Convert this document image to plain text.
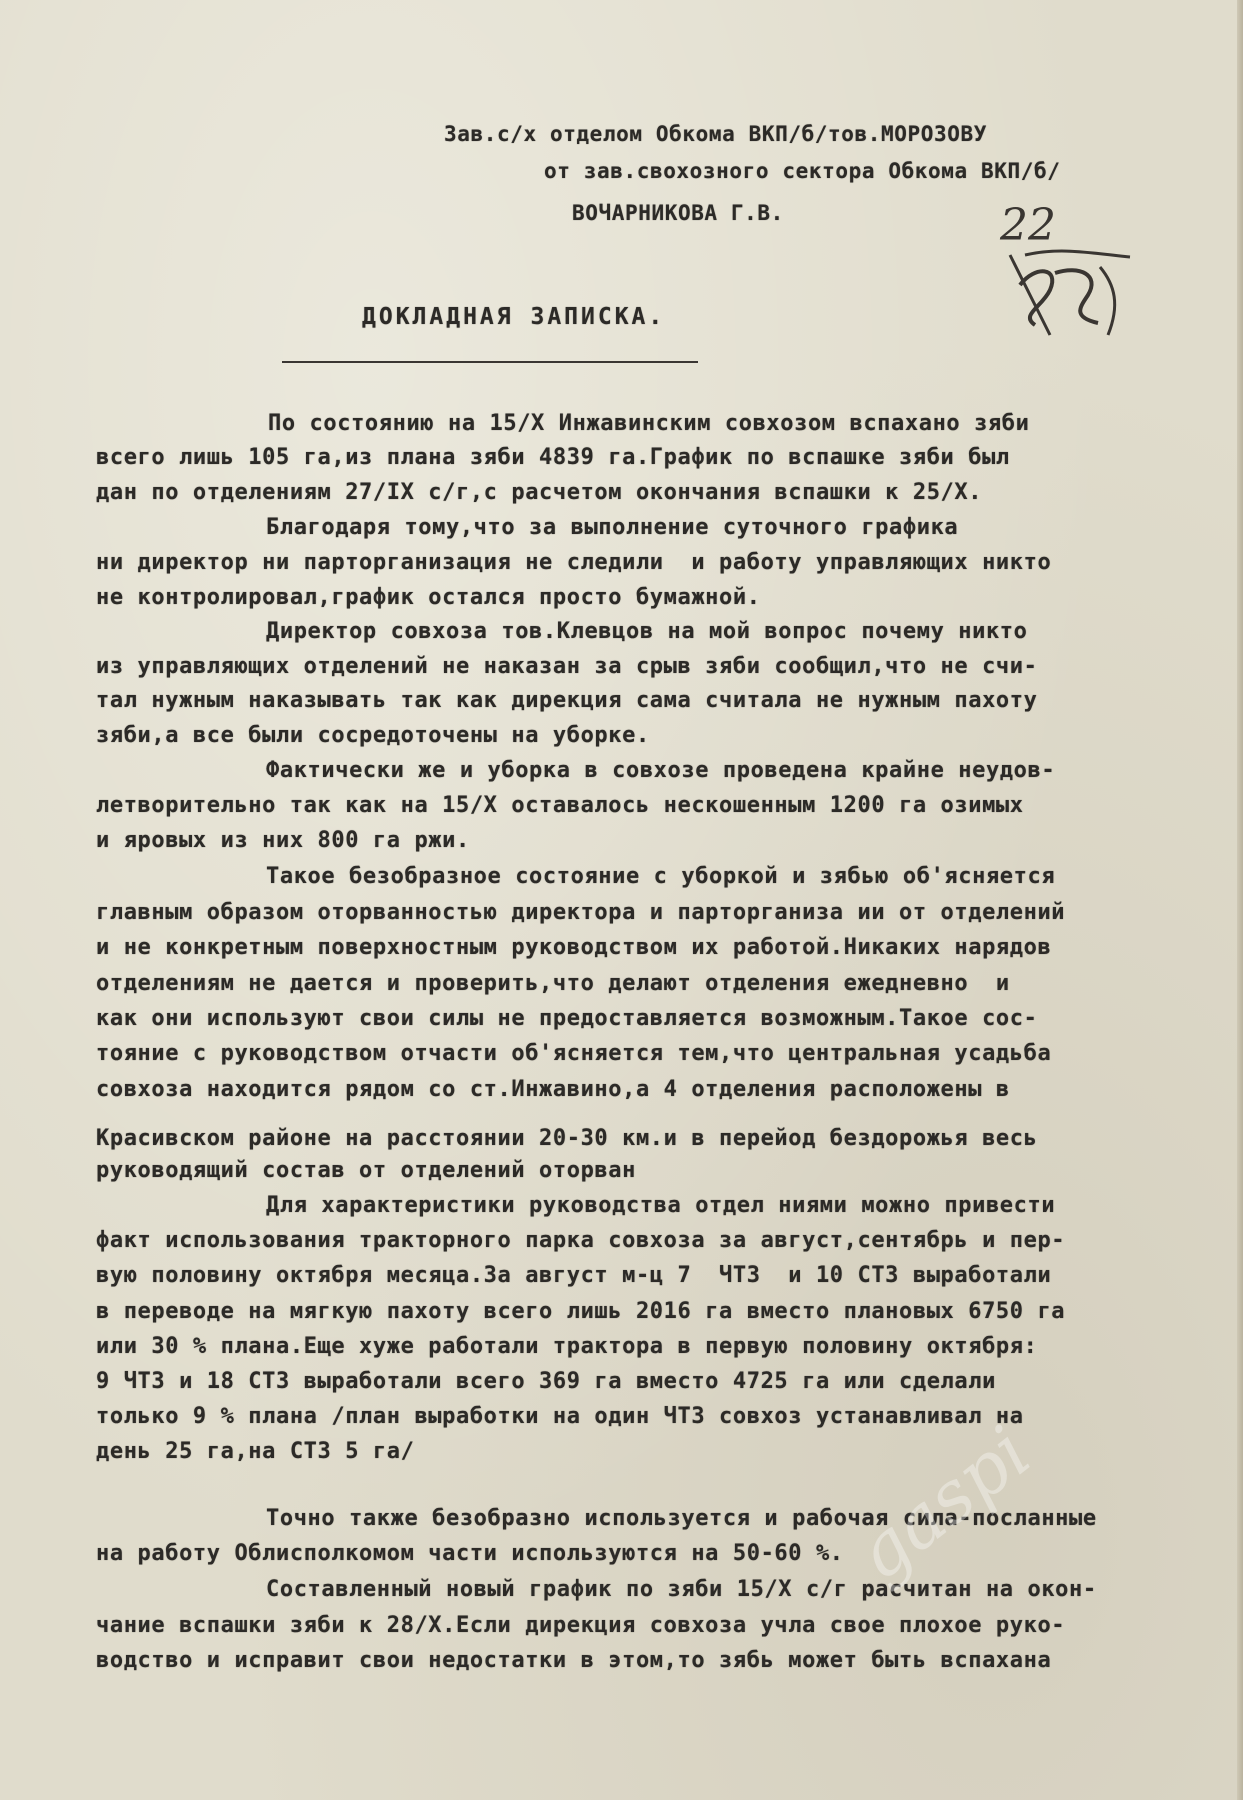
Зав.с/х отделом Обкома ВКП/б/тов.МОРОЗОВУ
от зав.свохозного сектора Обкома ВКП/б/
ВОЧАРНИКОВА Г.В.	22
ДОКЛАДНАЯ ЗАПИСКА.
По состоянию на 15/Х Инжавинским совхозом вспахано зяби
всего лишь 105 га,из плана зяби 4839 га.График по вспашке зяби был
дан по отделениям 27/IХ с/г,с расчетом окончания вспашки к 25/Х.
Благодаря тому,что за выполнение суточного графика
ни директор ни парторганизация не следили  и работу управляющих никто
не контролировал,график остался просто бумажной.
Директор совхоза тов.Клевцов на мой вопрос почему никто
из управляющих отделений не наказан за срыв зяби сообщил,что не счи-
тал нужным наказывать так как дирекция сама считала не нужным пахоту
зяби,а все были сосредоточены на уборке.
Фактически же и уборка в совхозе проведена крайне неудов-
летворительно так как на 15/Х оставалось нескошенным 1200 га озимых
и яровых из них 800 га ржи.
Такое безобразное состояние с уборкой и зябью об'ясняется
главным образом оторванностью директора и парторганиза ии от отделений
и не конкретным поверхностным руководством их работой.Никаких нарядов
отделениям не дается и проверить,что делают отделения ежедневно  и
как они используют свои силы не предоставляется возможным.Такое сос-
тояние с руководством отчасти об'ясняется тем,что центральная усадьба
совхоза находится рядом со ст.Инжавино,а 4 отделения расположены в
Красивском районе на расстоянии 20-30 км.и в перейод бездорожья весь
руководящий состав от отделений оторван
Для характеристики руководства отдел ниями можно привести
факт использования тракторного парка совхоза за август,сентябрь и пер-
вую половину октября месяца.За август м-ц 7  ЧТЗ  и 10 СТЗ выработали
в переводе на мягкую пахоту всего лишь 2016 га вместо плановых 6750 га
или 30 % плана.Еще хуже работали трактора в первую половину октября:
9 ЧТЗ и 18 СТЗ выработали всего 369 га вместо 4725 га или сделали
только 9 % плана /план выработки на один ЧТЗ совхоз устанавливал на
день 25 га,на СТЗ 5 га/
Точно также безобразно используется и рабочая сила-посланные
на работу Облисполкомом части используются на 50-60 %.
Составленный новый график по зяби 15/Х с/г расчитан на окон-
чание вспашки зяби к 28/Х.Если дирекция совхоза учла свое плохое руко-
водство и исправит свои недостатки в этом,то зябь может быть вспахана
gaspi
